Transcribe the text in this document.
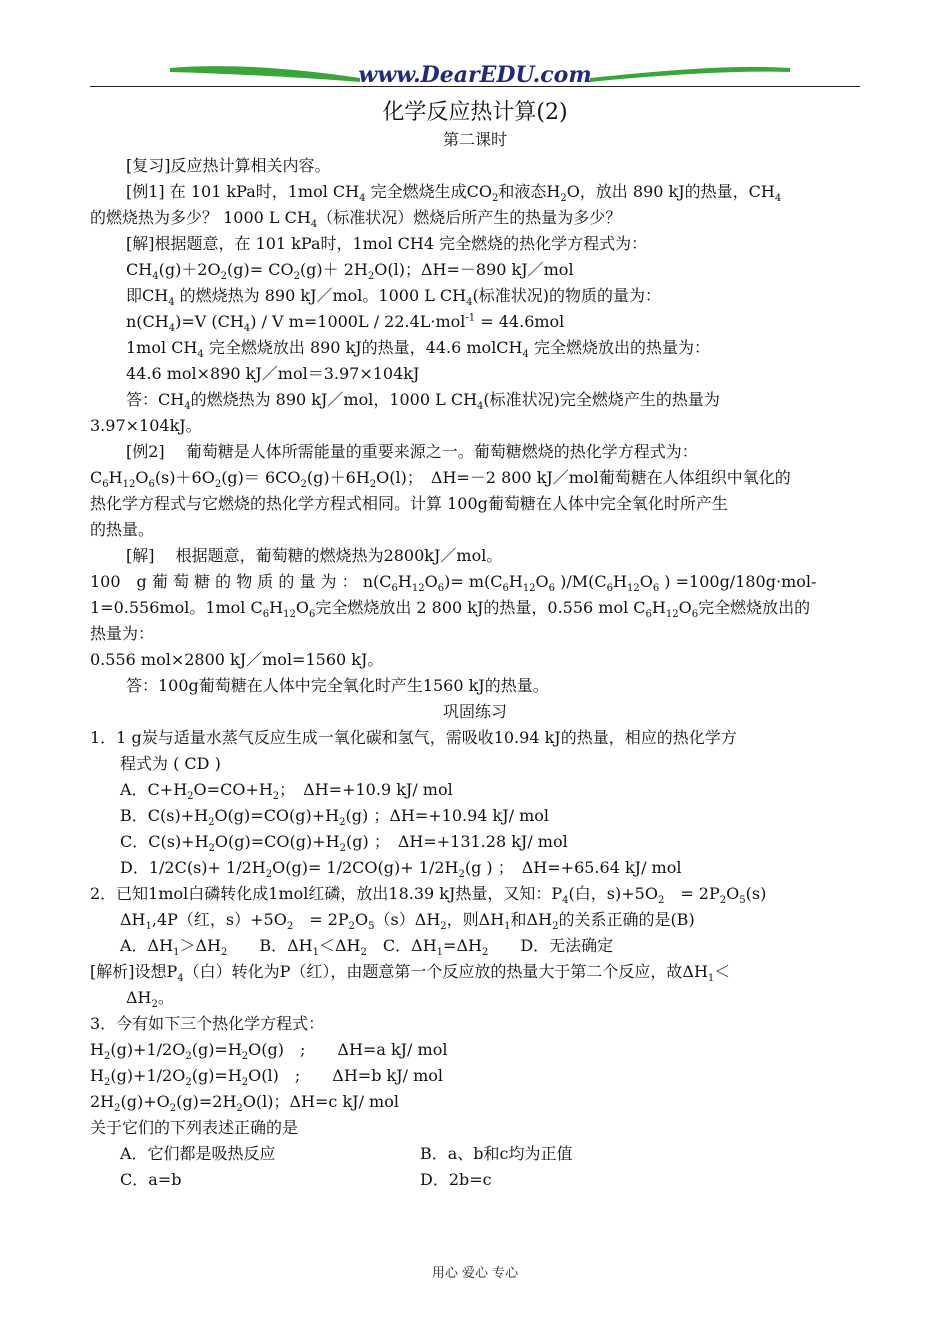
www.DearEDU.com
化学反应热计算(2)
第二课时
[复习]反应热计算相关内容。
[例1] 在 101 kPa时，1mol $CH_4$ 完全燃烧生成$CO_2$和液态$H_2O$，放出 890 kJ的热量，$CH_4$
的燃烧热为多少？ 1000 L $CH_4$（标准状况）燃烧后所产生的热量为多少？
[解]根据题意，在 101 kPa时，1mol CH4 完全燃烧的热化学方程式为：
$CH_4(g)+2O_2(g)= CO_2(g)+ 2H_2O(l)$；ΔH=－890 kJ／mol
即$CH_4$ 的燃烧热为 890 kJ／mol。1000 L $CH_4$(标准状况)的物质的量为：
$n(CH_4)=V$ $(CH_4)$ / V m=1000L / 22.4L·mol$^{-1}$ = 44.6mol
1mol $CH_4$ 完全燃烧放出 890 kJ的热量，44.6 molCH$_4$ 完全燃烧放出的热量为：
44.6 mol×890 kJ／mol＝3.97×104kJ
答：$CH_4$的燃烧热为 890 kJ／mol，1000 L $CH_4$(标准状况)完全燃烧产生的热量为
3.97×104kJ。
[例2]　 葡萄糖是人体所需能量的重要来源之一。葡萄糖燃烧的热化学方程式为：
$C_6H_{12}O_6(s)+6O_2(g)= 6CO_2(g)+6H_2O(l)$；　ΔH=－2 800 kJ／mol葡萄糖在人体组织中氧化的
热化学方程式与它燃烧的热化学方程式相同。计算 100g葡萄糖在人体中完全氧化时所产生
的热量。
[解]　 根据题意，葡萄糖的燃烧热为2800kJ／mol。
100　g 葡 萄 糖 的 物 质 的 量 为 ： $n(C_6H_{12}O_6)= m(C_6H_{12}O_6$ )$/M(C_6H_{12}O_6$ ) =100g/180g·mol-
1=0.556mol。1mol $C_6H_{12}O_6$完全燃烧放出 2 800 kJ的热量，0.556 mol $C_6H_{12}O_6$完全燃烧放出的
热量为：
0.556 mol×2800 kJ／mol=1560 kJ。
答：100g葡萄糖在人体中完全氧化时产生1560 kJ的热量。
巩固练习
1．1 g炭与适量水蒸气反应生成一氧化碳和氢气，需吸收10.94 kJ的热量，相应的热化学方
程式为 ( CD )
A．$C+H_2O=CO+H_2$；　ΔH=+10.9 kJ/ mol
B．$C(s)+H_2O(g)=CO(g)+H_2(g)$ ；ΔH=+10.94 kJ/ mol
C．$C(s)+H_2O(g)=CO(g)+H_2(g)$ ；　ΔH=+131.28 kJ/ mol
D．$1/2C(s)+ 1/2H_2O(g)= 1/2CO(g)+ 1/2H_2(g$ ) ；　ΔH=+65.64 kJ/ mol
2．已知1mol白磷转化成1mol红磷，放出18.39 kJ热量，又知：$P_4$(白，$s)+5O_2$　= $2P_2O_5(s)$
$\Delta H_1,4P$（红，$s)+5O_2$　= $2P_2O_5(s)\Delta H_2$，则$\Delta H_1$和$\Delta H_2$的关系正确的是(B)
A．$\Delta H_1>\Delta H_2$　　B．$\Delta H_1<\Delta H_2$　C．$\Delta H_1=\Delta H_2$　　D．无法确定
[解析]设想$P_4$（白）转化为P（红），由题意第一个反应放的热量大于第二个反应，故$\Delta H_1<$
$\Delta H_2$。
3．今有如下三个热化学方程式：
$H_2(g)+1/2O_2(g)=H_2O(g)$　;　　ΔH=a kJ/ mol
$H_2(g)+1/2O_2(g)=H_2O(l)$　;　　ΔH=b kJ/ mol
$2H_2(g)+O_2(g)=2H_2O(l)$；ΔH=c kJ/ mol
关于它们的下列表述正确的是
A．它们都是吸热反应	B．a、b和c均为正值
C．a=b	D．2b=c
用心 爱心 专心
